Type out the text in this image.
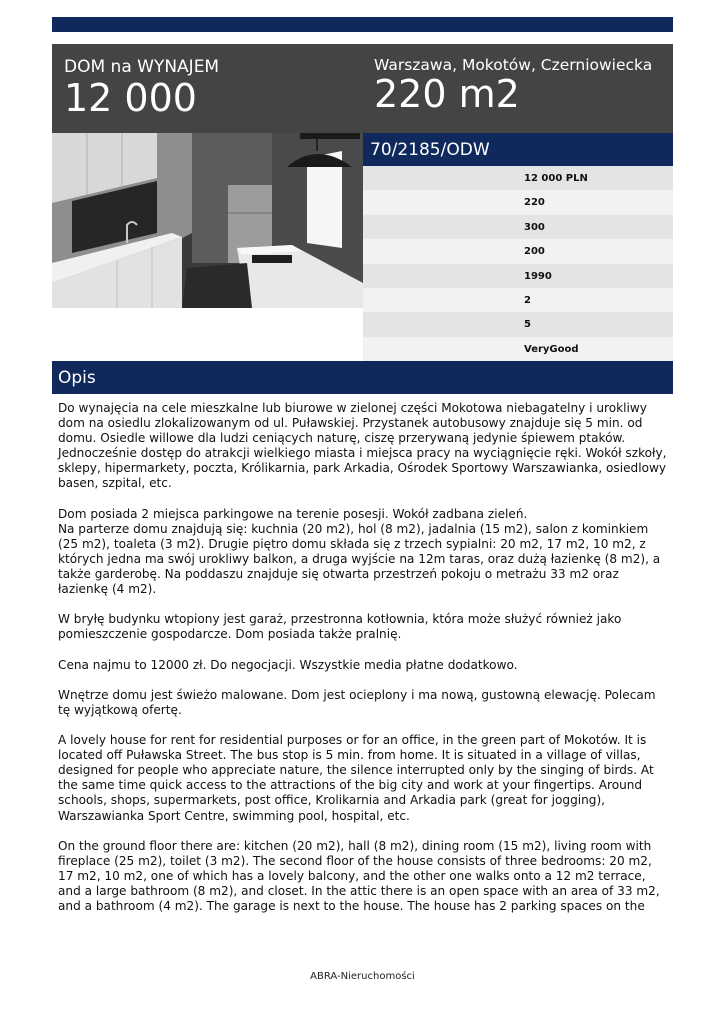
DOM na WYNAJEM
12 000
Warszawa, Mokotów, Czerniowiecka
220 m2
70/2185/ODW
12 000 PLN
220
300
200
1990
2
5
VeryGood
Opis

Do wynajęcia na cele mieszkalne lub biurowe w zielonej części Mokotowa niebagatelny i urokliwy dom na osiedlu zlokalizowanym od ul. Puławskiej. Przystanek autobusowy znajduje się 5 min. od domu. Osiedle willowe dla ludzi ceniących naturę, ciszę przerywaną jedynie śpiewem ptaków. Jednocześnie dostęp do atrakcji wielkiego miasta i miejsca pracy na wyciągnięcie ręki. Wokół szkoły, sklepy, hipermarkety, poczta, Królikarnia, park Arkadia, Ośrodek Sportowy Warszawianka, osiedlowy basen, szpital, etc.

Dom posiada 2 miejsca parkingowe na terenie posesji. Wokół zadbana zieleń.
Na parterze domu znajdują się: kuchnia (20 m2), hol (8 m2), jadalnia (15 m2), salon z kominkiem (25 m2), toaleta (3 m2). Drugie piętro domu składa się z trzech sypialni: 20 m2, 17 m2, 10 m2, z których jedna ma swój urokliwy balkon, a druga wyjście na 12m taras, oraz dużą łazienkę (8 m2), a także garderobę. Na poddaszu znajduje się otwarta przestrzeń pokoju o metrażu 33 m2 oraz łazienkę (4 m2).

W bryłę budynku wtopiony jest garaż, przestronna kotłownia, która może służyć również jako pomieszczenie gospodarcze. Dom posiada także pralnię.

Cena najmu to 12000 zł. Do negocjacji. Wszystkie media płatne dodatkowo.

Wnętrze domu jest świeżo malowane. Dom jest ocieplony i ma nową, gustowną elewację. Polecam tę wyjątkową ofertę.

A lovely house for rent for residential purposes or for an office, in the green part of Mokotów. It is located off Puławska Street. The bus stop is 5 min. from home. It is situated in a village of villas, designed for people who appreciate nature, the silence interrupted only by the singing of birds. At the same time quick access to the attractions of the big city and work at your fingertips. Around schools, shops, supermarkets, post office, Krolikarnia and Arkadia park (great for jogging), Warszawianka Sport Centre, swimming pool, hospital, etc.

On the ground floor there are: kitchen (20 m2), hall (8 m2), dining room (15 m2), living room with fireplace (25 m2), toilet (3 m2). The second floor of the house consists of three bedrooms: 20 m2, 17 m2, 10 m2, one of which has a lovely balcony, and the other one walks onto a 12 m2 terrace, and a large bathroom (8 m2), and closet. In the attic there is an open space with an area of 33 m2, and a bathroom (4 m2). The garage is next to the house. The house has 2 parking spaces on the

ABRA-Nieruchomości
